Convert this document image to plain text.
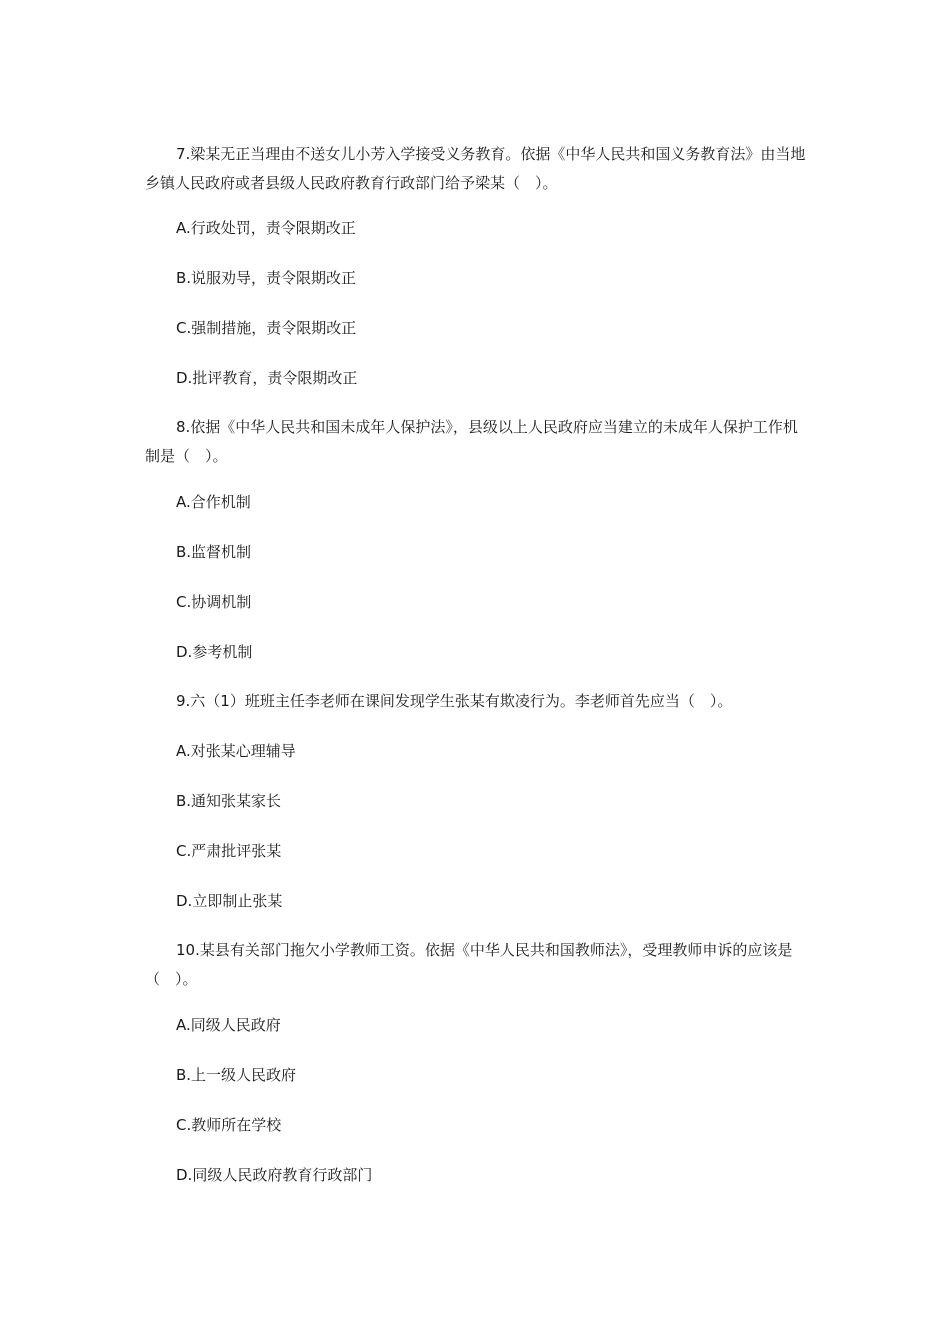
7.梁某无正当理由不送女儿小芳入学接受义务教育。依据《中华人民共和国义务教育法》由当地乡镇人民政府或者县级人民政府教育行政部门给予梁某（　）。

A.行政处罚，责令限期改正

B.说服劝导，责令限期改正

C.强制措施，责令限期改正

D.批评教育，责令限期改正

8.依据《中华人民共和国未成年人保护法》，县级以上人民政府应当建立的未成年人保护工作机制是（　）。

A.合作机制

B.监督机制

C.协调机制

D.参考机制

9.六（1）班班主任李老师在课间发现学生张某有欺凌行为。李老师首先应当（　）。

A.对张某心理辅导

B.通知张某家长

C.严肃批评张某

D.立即制止张某

10.某县有关部门拖欠小学教师工资。依据《中华人民共和国教师法》，受理教师申诉的应该是（　）。

A.同级人民政府

B.上一级人民政府

C.教师所在学校

D.同级人民政府教育行政部门
